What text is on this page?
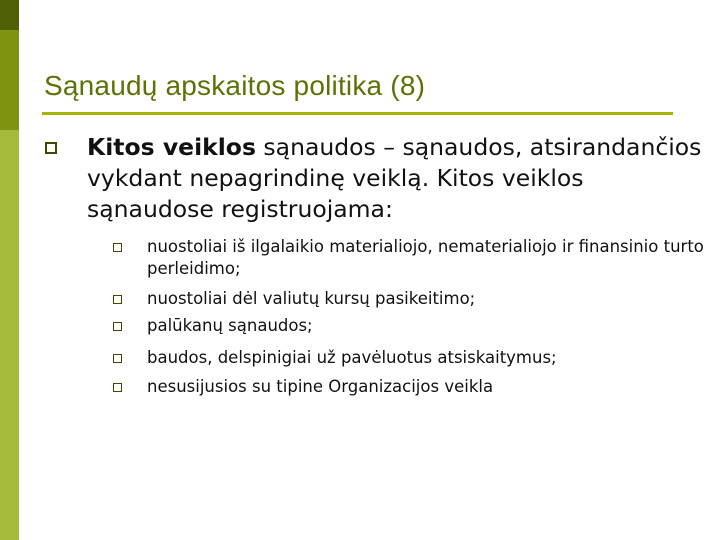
Sąnaudų apskaitos politika (8)
Kitos veiklos sąnaudos – sąnaudos, atsirandančios vykdant nepagrindinę veiklą. Kitos veiklos sąnaudose registruojama:
nuostoliai iš ilgalaikio materialiojo, nematerialiojo ir finansinio turto perleidimo;
nuostoliai dėl valiutų kursų pasikeitimo;
palūkanų sąnaudos;
baudos, delspinigiai už pavėluotus atsiskaitymus;
nesusijusios su tipine Organizacijos veikla
